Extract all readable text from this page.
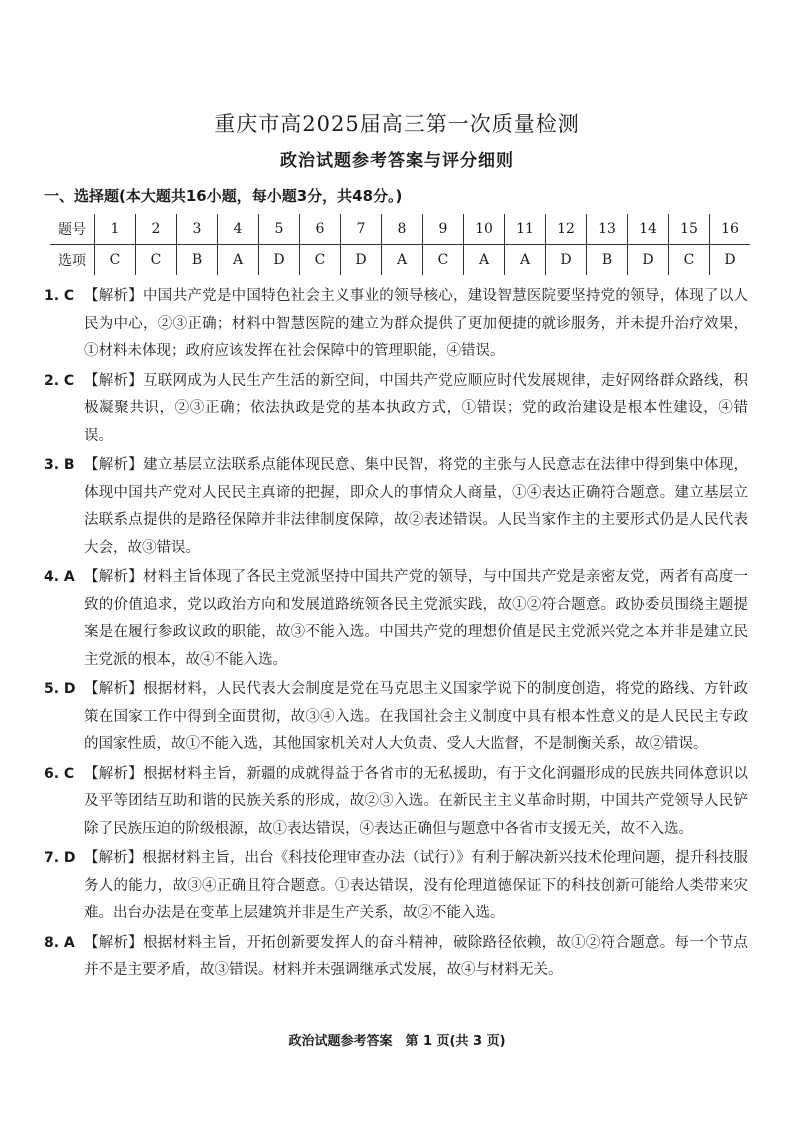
重庆市高2025届高三第一次质量检测
政治试题参考答案与评分细则
一、选择题(本大题共16小题，每小题3分，共48分。)
题号	1	2	3	4	5	6	7	8	9	10	11	12	13	14	15	16
选项	C	C	B	A	D	C	D	A	C	A	A	D	B	D	C	D
1. C 【解析】中国共产党是中国特色社会主义事业的领导核心，建设智慧医院要坚持党的领导，体现了以人民为中心，②③正确；材料中智慧医院的建立为群众提供了更加便捷的就诊服务，并未提升治疗效果，①材料未体现；政府应该发挥在社会保障中的管理职能，④错误。
2. C 【解析】互联网成为人民生产生活的新空间，中国共产党应顺应时代发展规律，走好网络群众路线，积极凝聚共识，②③正确；依法执政是党的基本执政方式，①错误；党的政治建设是根本性建设，④错误。
3. B 【解析】建立基层立法联系点能体现民意、集中民智，将党的主张与人民意志在法律中得到集中体现，体现中国共产党对人民民主真谛的把握，即众人的事情众人商量，①④表达正确符合题意。建立基层立法联系点提供的是路径保障并非法律制度保障，故②表述错误。人民当家作主的主要形式仍是人民代表大会，故③错误。
4. A 【解析】材料主旨体现了各民主党派坚持中国共产党的领导，与中国共产党是亲密友党，两者有高度一致的价值追求，党以政治方向和发展道路统领各民主党派实践，故①②符合题意。政协委员围绕主题提案是在履行参政议政的职能，故③不能入选。中国共产党的理想价值是民主党派兴党之本并非是建立民主党派的根本，故④不能入选。
5. D 【解析】根据材料，人民代表大会制度是党在马克思主义国家学说下的制度创造，将党的路线、方针政策在国家工作中得到全面贯彻，故③④入选。在我国社会主义制度中具有根本性意义的是人民民主专政的国家性质，故①不能入选，其他国家机关对人大负责、受人大监督，不是制衡关系，故②错误。
6. C 【解析】根据材料主旨，新疆的成就得益于各省市的无私援助，有于文化润疆形成的民族共同体意识以及平等团结互助和谐的民族关系的形成，故②③入选。在新民主主义革命时期，中国共产党领导人民铲除了民族压迫的阶级根源，故①表达错误，④表达正确但与题意中各省市支援无关，故不入选。
7. D 【解析】根据材料主旨，出台《科技伦理审查办法（试行）》有利于解决新兴技术伦理问题，提升科技服务人的能力，故③④正确且符合题意。①表达错误，没有伦理道德保证下的科技创新可能给人类带来灾难。出台办法是在变革上层建筑并非是生产关系，故②不能入选。
8. A 【解析】根据材料主旨，开拓创新要发挥人的奋斗精神，破除路径依赖，故①②符合题意。每一个节点并不是主要矛盾，故③错误。材料并未强调继承式发展，故④与材料无关。
政治试题参考答案　第 1 页(共 3 页)
